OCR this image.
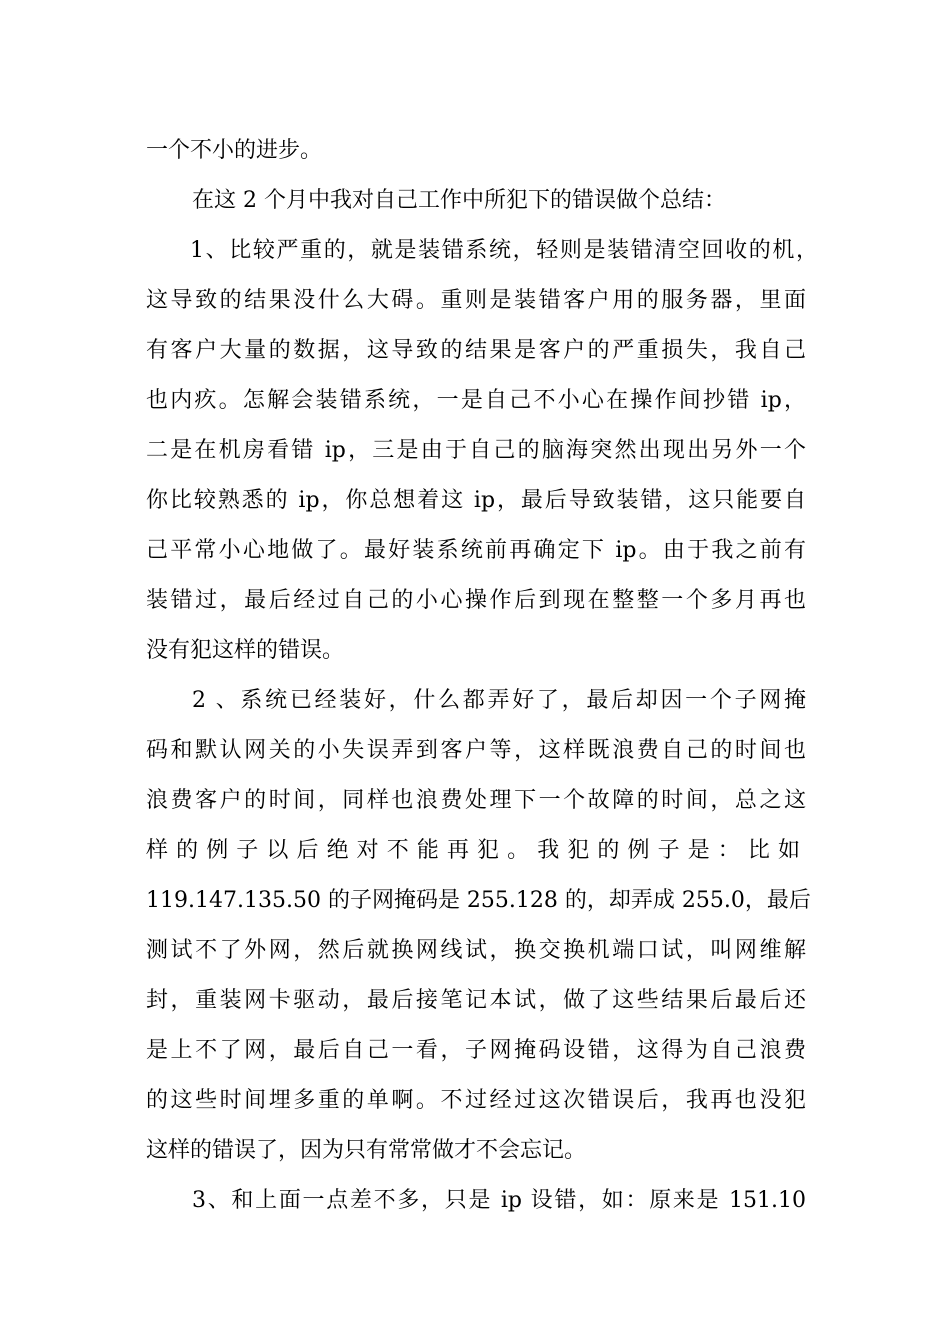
一个不小的进步。
在这 2 个月中我对自己工作中所犯下的错误做个总结：
1、比较严重的，就是装错系统，轻则是装错清空回收的机，
这导致的结果没什么大碍。重则是装错客户用的服务器，里面
有客户大量的数据，这导致的结果是客户的严重损失，我自己
也内疚。怎解会装错系统，一是自己不小心在操作间抄错 ip，
二是在机房看错 ip，三是由于自己的脑海突然出现出另外一个
你比较熟悉的 ip，你总想着这 ip，最后导致装错，这只能要自
己平常小心地做了。最好装系统前再确定下 ip。由于我之前有
装错过，最后经过自己的小心操作后到现在整整一个多月再也
没有犯这样的错误。
2 、系统已经装好，什么都弄好了，最后却因一个子网掩
码和默认网关的小失误弄到客户等，这样既浪费自己的时间也
浪费客户的时间，同样也浪费处理下一个故障的时间，总之这
样的例子以后绝对不能再犯。我犯的例子是：比如
119.147.135.50 的子网掩码是 255.128 的，却弄成 255.0，最后
测试不了外网，然后就换网线试，换交换机端口试，叫网维解
封，重装网卡驱动，最后接笔记本试，做了这些结果后最后还
是上不了网，最后自己一看，子网掩码设错，这得为自己浪费
的这些时间埋多重的单啊。不过经过这次错误后，我再也没犯
这样的错误了，因为只有常常做才不会忘记。
3、和上面一点差不多，只是 ip 设错，如：原来是 151.10
